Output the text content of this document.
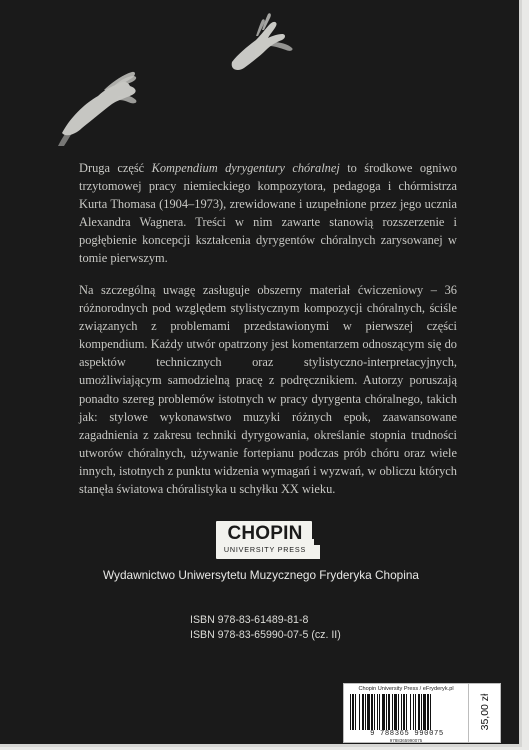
Druga część Kompendium dyrygentury chóralnej to środkowe ogniwo trzytomowej pracy niemieckiego kompozytora, pedagoga i chórmistrza Kurta Thomasa (1904–1973), zrewidowane i uzupełnione przez jego ucznia Alexandra Wagnera. Treści w nim zawarte stanowią rozszerzenie i pogłębienie koncepcji kształcenia dyrygentów chóralnych zarysowanej w tomie pierwszym.

Na szczególną uwagę zasługuje obszerny materiał ćwiczeniowy – 36 różnorodnych pod względem stylistycznym kompozycji chóralnych, ściśle związanych z problemami przedstawionymi w pierwszej części kompendium. Każdy utwór opatrzony jest komentarzem odnoszącym się do aspektów technicznych oraz stylistyczno-interpretacyjnych, umożliwiającym samodzielną pracę z podręcznikiem. Autorzy poruszają ponadto szereg problemów istotnych w pracy dyrygenta chóralnego, takich jak: stylowe wykonawstwo muzyki różnych epok, zaawansowane zagadnienia z zakresu techniki dyrygowania, określanie stopnia trudności utworów chóralnych, używanie fortepianu podczas prób chóru oraz wiele innych, istotnych z punktu widzenia wymagań i wyzwań, w obliczu których stanęła światowa chóralistyka u schyłku XX wieku.

CHOPIN
UNIVERSITY PRESS

Wydawnictwo Uniwersytetu Muzycznego Fryderyka Chopina

ISBN 978-83-61489-81-8

ISBN 978-83-65990-07-5 (cz. II)

Chopin University Press / eFryderyk.pl
9 788365 990075
9788365990075
35,00 zł
